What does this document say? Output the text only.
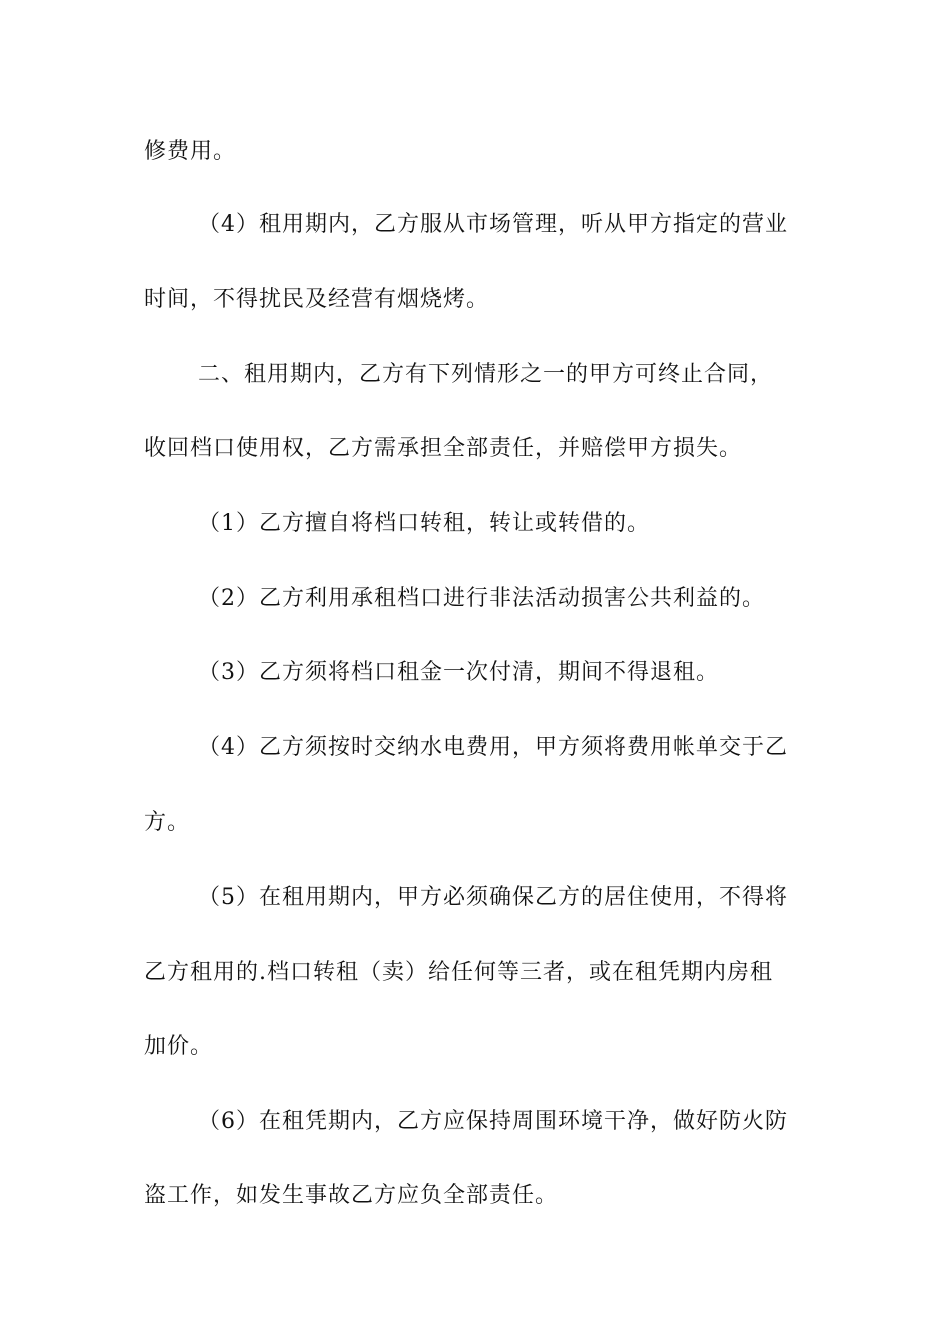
修费用。
（4）租用期内，乙方服从市场管理，听从甲方指定的营业
时间，不得扰民及经营有烟烧烤。
二、租用期内，乙方有下列情形之一的甲方可终止合同，
收回档口使用权，乙方需承担全部责任，并赔偿甲方损失。
（1）乙方擅自将档口转租，转让或转借的。
（2）乙方利用承租档口进行非法活动损害公共利益的。
（3）乙方须将档口租金一次付清，期间不得退租。
（4）乙方须按时交纳水电费用，甲方须将费用帐单交于乙
方。
（5）在租用期内，甲方必须确保乙方的居住使用，不得将
乙方租用的.档口转租（卖）给任何等三者，或在租凭期内房租
加价。
（6）在租凭期内，乙方应保持周围环境干净，做好防火防
盗工作，如发生事故乙方应负全部责任。
